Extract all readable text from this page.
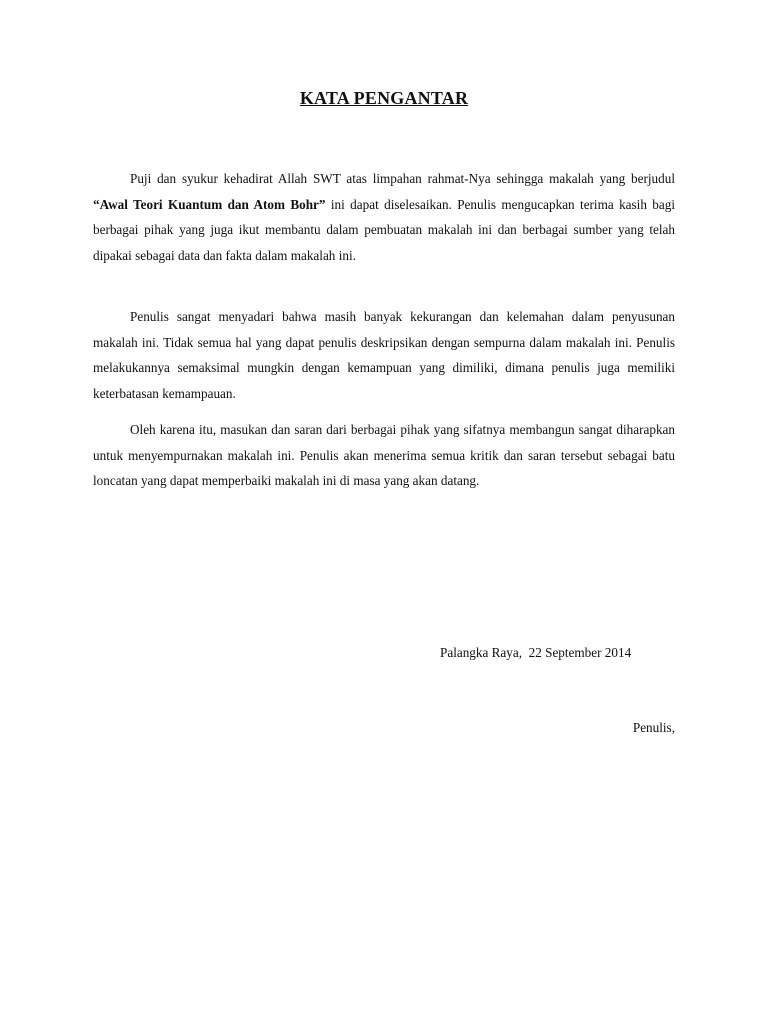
KATA PENGANTAR

Puji dan syukur kehadirat Allah SWT atas limpahan rahmat-Nya sehingga makalah yang berjudul “Awal Teori Kuantum dan Atom Bohr” ini dapat diselesaikan. Penulis mengucapkan terima kasih bagi berbagai pihak yang juga ikut membantu dalam pembuatan makalah ini dan berbagai sumber yang telah dipakai sebagai data dan fakta dalam makalah ini.

Penulis sangat menyadari bahwa masih banyak kekurangan dan kelemahan dalam penyusunan makalah ini. Tidak semua hal yang dapat penulis deskripsikan dengan sempurna dalam makalah ini. Penulis melakukannya semaksimal mungkin dengan kemampuan yang dimiliki, dimana penulis juga memiliki keterbatasan kemampauan.

Oleh karena itu, masukan dan saran dari berbagai pihak yang sifatnya membangun sangat diharapkan untuk menyempurnakan makalah ini. Penulis akan menerima semua kritik dan saran tersebut sebagai batu loncatan yang dapat memperbaiki makalah ini di masa yang akan datang.

Palangka Raya,  22 September 2014
Penulis,
